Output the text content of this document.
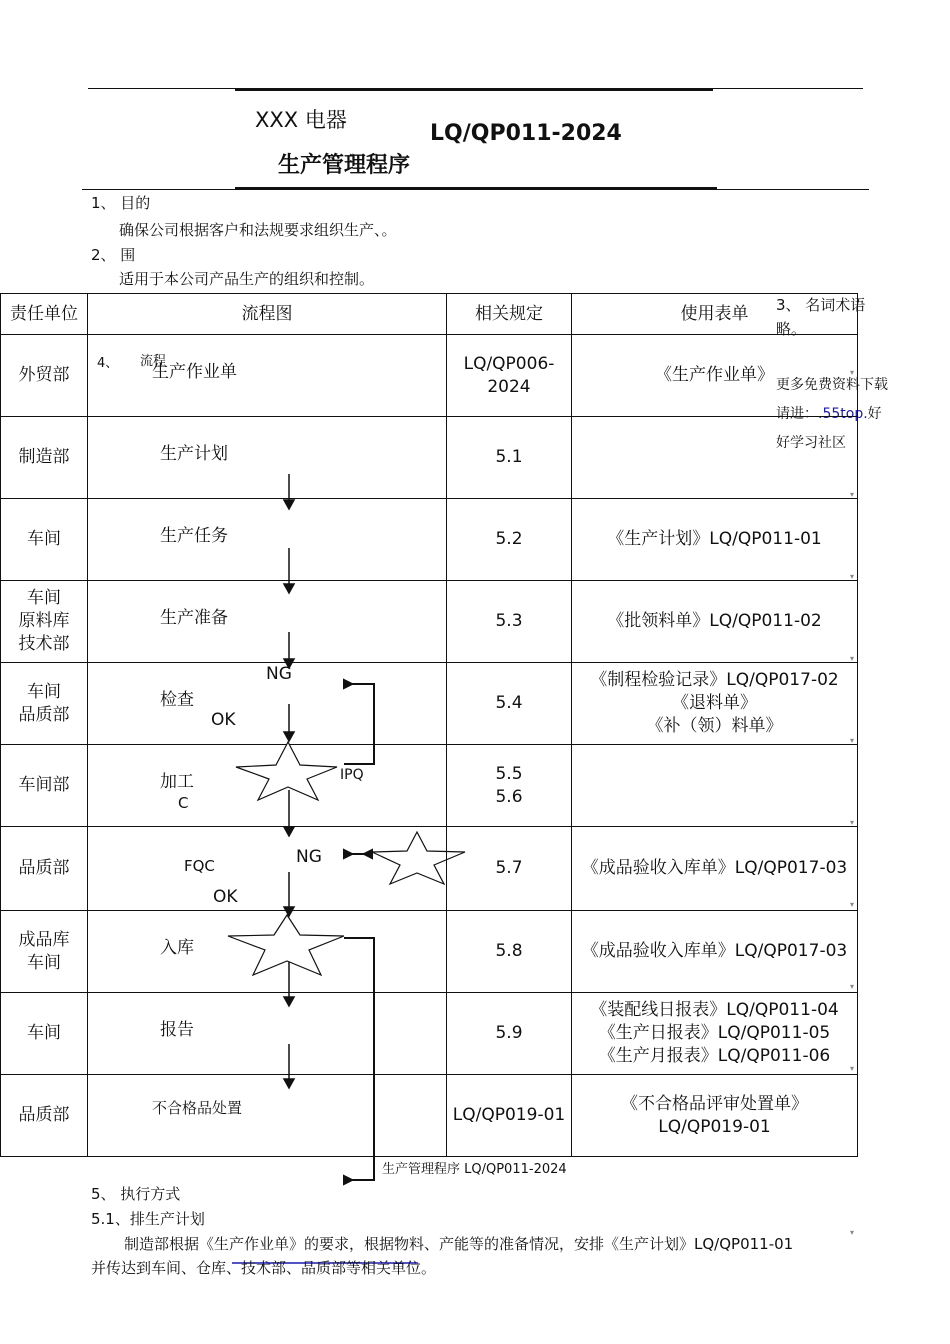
XXX 电器
LQ/QP011-2024
生产管理程序
1、 目的
确保公司根据客户和法规要求组织生产、。
2、 围
适用于本公司产品生产的组织和控制。
3、 名词术语
略。
更多免费资料下载
请进：.55top.好
好学习社区
责任单位	流程图	相关规定	使用表单
外贸部	生产作业单	LQ/QP006-2024	《生产作业单》
制造部	生产计划	5.1	
车间	生产任务	5.2	《生产计划》LQ/QP011-01
车间
原料库
技术部	生产准备	5.3	《批领料单》LQ/QP011-02
车间
品质部	检查	5.4	《制程检验记录》LQ/QP017-02
《退料单》
《补（领）料单》
车间部	加工	5.5
5.6	
品质部	FQC	5.7	《成品验收入库单》LQ/QP017-03
成品库
车间	入库	5.8	《成品验收入库单》LQ/QP017-03
车间	报告	5.9	《装配线日报表》LQ/QP011-04
《生产日报表》LQ/QP011-05
《生产月报表》LQ/QP011-06
品质部	不合格品处置	LQ/QP019-01	《不合格品评审处置单》
LQ/QP019-01
NG
OK
C
IPQ
NG
OK
4、 流程
生产管理程序 LQ/QP011-2024
5、 执行方式
5.1、排生产计划
制造部根据《生产作业单》的要求，根据物料、产能等的准备情况，安排《生产计划》LQ/QP011-01
并传达到车间、仓库、技术部、品质部等相关单位。
▾
▾
▾
▾
▾
▾
▾
▾
▾
▾
